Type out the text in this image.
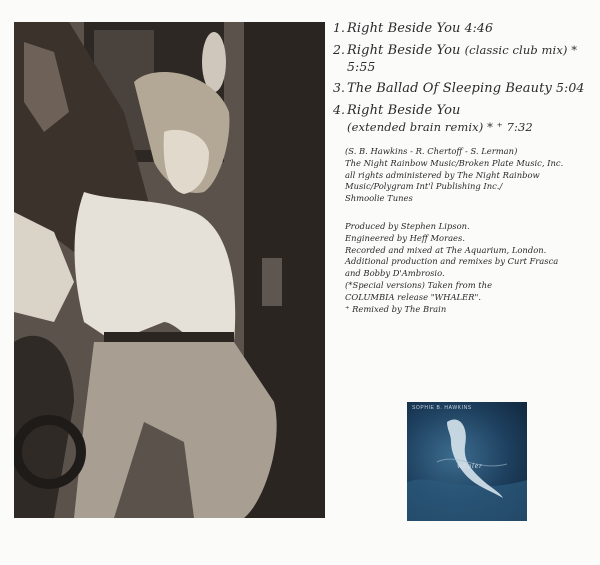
1. Right Beside You 4:46
2. Right Beside You (classic club mix) * 5:55
3. The Ballad Of Sleeping Beauty 5:04
4. Right Beside You
(extended brain remix) * ⁺ 7:32
(S. B. Hawkins - R. Chertoff - S. Lerman)
The Night Rainbow Music/Broken Plate Music, Inc.
all rights administered by The Night Rainbow
Music/Polygram Int'l Publishing Inc./
Shmoolie Tunes
Produced by Stephen Lipson.
Engineered by Heff Moraes.
Recorded and mixed at The Aquarium, London.
Additional production and remixes by Curt Frasca
and Bobby D'Ambrosio.
(*Special versions) Taken from the
COLUMBIA release "WHALER".
⁺ Remixed by The Brain
SOPHIE B. HAWKINS
whaler
